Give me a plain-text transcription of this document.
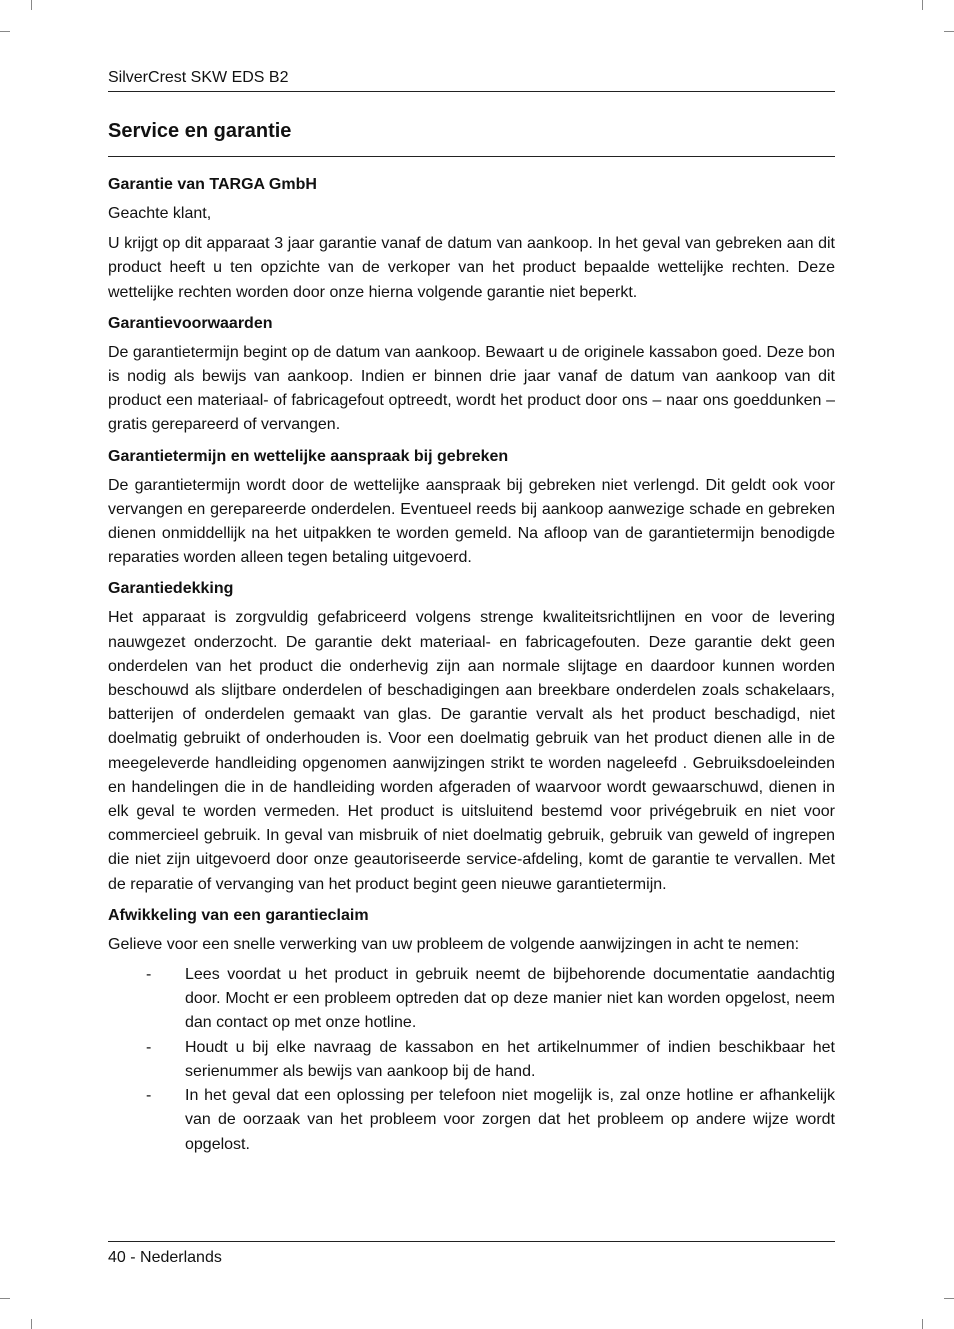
SilverCrest SKW EDS B2
Service en garantie
Garantie van TARGA GmbH

Geachte klant,

U krijgt op dit apparaat 3 jaar garantie vanaf de datum van aankoop. In het geval van gebreken aan dit product heeft u ten opzichte van de verkoper van het product bepaalde wettelijke rechten. Deze wettelijke rechten worden door onze hierna volgende garantie niet beperkt.

Garantievoorwaarden

De garantietermijn begint op de datum van aankoop. Bewaart u de originele kassabon goed. Deze bon is nodig als bewijs van aankoop. Indien er binnen drie jaar vanaf de datum van aankoop van dit product een materiaal- of fabricagefout optreedt, wordt het product door ons – naar ons goeddunken – gratis gerepareerd of vervangen.

Garantietermijn en wettelijke aanspraak bij gebreken

De garantietermijn wordt door de wettelijke aanspraak bij gebreken niet verlengd. Dit geldt ook voor vervangen en gerepareerde onderdelen. Eventueel reeds bij aankoop aanwezige schade en gebreken dienen onmiddellijk na het uitpakken te worden gemeld. Na afloop van de garantietermijn benodigde reparaties worden alleen tegen betaling uitgevoerd.

Garantiedekking

Het apparaat is zorgvuldig gefabriceerd volgens strenge kwaliteitsrichtlijnen en voor de levering nauwgezet onderzocht. De garantie dekt materiaal- en fabricagefouten. Deze garantie dekt geen onderdelen van het product die onderhevig zijn aan normale slijtage en daardoor kunnen worden beschouwd als slijtbare onderdelen of beschadigingen aan breekbare onderdelen zoals schakelaars, batterijen of onderdelen gemaakt van glas. De garantie vervalt als het product beschadigd, niet doelmatig gebruikt of onderhouden is. Voor een doelmatig gebruik van het product dienen alle in de meegeleverde handleiding opgenomen aanwijzingen strikt te worden nageleefd . Gebruiksdoeleinden en handelingen die in de handleiding worden afgeraden of waarvoor wordt gewaarschuwd, dienen in elk geval te worden vermeden. Het product is uitsluitend bestemd voor privégebruik en niet voor commercieel gebruik. In geval van misbruik of niet doelmatig gebruik, gebruik van geweld of ingrepen die niet zijn uitgevoerd door onze geautoriseerde service-afdeling, komt de garantie te vervallen. Met de reparatie of vervanging van het product begint geen nieuwe garantietermijn.

Afwikkeling van een garantieclaim

Gelieve voor een snelle verwerking van uw probleem de volgende aanwijzingen in acht te nemen:

- Lees voordat u het product in gebruik neemt de bijbehorende documentatie aandachtig door. Mocht er een probleem optreden dat op deze manier niet kan worden opgelost, neem dan contact op met onze hotline.
- Houdt u bij elke navraag de kassabon en het artikelnummer of indien beschikbaar het serienummer als bewijs van aankoop bij de hand.
- In het geval dat een oplossing per telefoon niet mogelijk is, zal onze hotline er afhankelijk van de oorzaak van het probleem voor zorgen dat het probleem op andere wijze wordt opgelost.
40 - Nederlands
